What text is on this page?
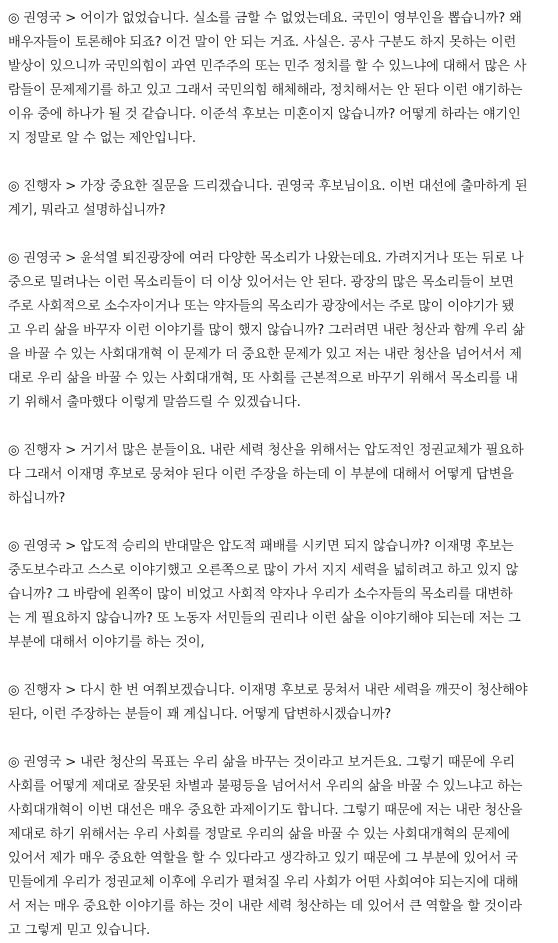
◎ 권영국 > 어이가 없었습니다. 실소를 금할 수 없었는데요. 국민이 영부인을 뽑습니까? 왜
배우자들이 토론해야 되죠? 이건 말이 안 되는 거죠. 사실은. 공사 구분도 하지 못하는 이런
발상이 있으니까 국민의힘이 과연 민주주의 또는 민주 정치를 할 수 있느냐에 대해서 많은 사
람들이 문제제기를 하고 있고 그래서 국민의힘 해체해라, 정치해서는 안 된다 이런 얘기하는
이유 중에 하나가 될 것 같습니다. 이준석 후보는 미혼이지 않습니까? 어떻게 하라는 얘기인
지 정말로 알 수 없는 제안입니다.
◎ 진행자 > 가장 중요한 질문을 드리겠습니다. 권영국 후보님이요. 이번 대선에 출마하게 된
계기, 뭐라고 설명하십니까?
◎ 권영국 > 윤석열 퇴진광장에 여러 다양한 목소리가 나왔는데요. 가려지거나 또는 뒤로 나
중으로 밀려나는 이런 목소리들이 더 이상 있어서는 안 된다. 광장의 많은 목소리들이 보면
주로 사회적으로 소수자이거나 또는 약자들의 목소리가 광장에서는 주로 많이 이야기가 됐
고 우리 삶을 바꾸자 이런 이야기를 많이 했지 않습니까? 그러려면 내란 청산과 함께 우리 삶
을 바꿀 수 있는 사회대개혁 이 문제가 더 중요한 문제가 있고 저는 내란 청산을 넘어서서 제
대로 우리 삶을 바꿀 수 있는 사회대개혁, 또 사회를 근본적으로 바꾸기 위해서 목소리를 내
기 위해서 출마했다 이렇게 말씀드릴 수 있겠습니다.
◎ 진행자 > 거기서 많은 분들이요. 내란 세력 청산을 위해서는 압도적인 정권교체가 필요하
다 그래서 이재명 후보로 뭉쳐야 된다 이런 주장을 하는데 이 부분에 대해서 어떻게 답변을
하십니까?
◎ 권영국 > 압도적 승리의 반대말은 압도적 패배를 시키면 되지 않습니까? 이재명 후보는
중도보수라고 스스로 이야기했고 오른쪽으로 많이 가서 지지 세력을 넓히려고 하고 있지 않
습니까? 그 바람에 왼쪽이 많이 비었고 사회적 약자나 우리가 소수자들의 목소리를 대변하
는 게 필요하지 않습니까? 또 노동자 서민들의 권리나 이런 삶을 이야기해야 되는데 저는 그
부분에 대해서 이야기를 하는 것이,
◎ 진행자 > 다시 한 번 여쭤보겠습니다. 이재명 후보로 뭉쳐서 내란 세력을 깨끗이 청산해야
된다, 이런 주장하는 분들이 꽤 계십니다. 어떻게 답변하시겠습니까?
◎ 권영국 > 내란 청산의 목표는 우리 삶을 바꾸는 것이라고 보거든요. 그렇기 때문에 우리
사회를 어떻게 제대로 잘못된 차별과 불평등을 넘어서서 우리의 삶을 바꿀 수 있느냐고 하는
사회대개혁이 이번 대선은 매우 중요한 과제이기도 합니다. 그렇기 때문에 저는 내란 청산을
제대로 하기 위해서는 우리 사회를 정말로 우리의 삶을 바꿀 수 있는 사회대개혁의 문제에
있어서 제가 매우 중요한 역할을 할 수 있다라고 생각하고 있기 때문에 그 부분에 있어서 국
민들에게 우리가 정권교체 이후에 우리가 펼쳐질 우리 사회가 어떤 사회여야 되는지에 대해
서 저는 매우 중요한 이야기를 하는 것이 내란 세력 청산하는 데 있어서 큰 역할을 할 것이라
고 그렇게 믿고 있습니다.
